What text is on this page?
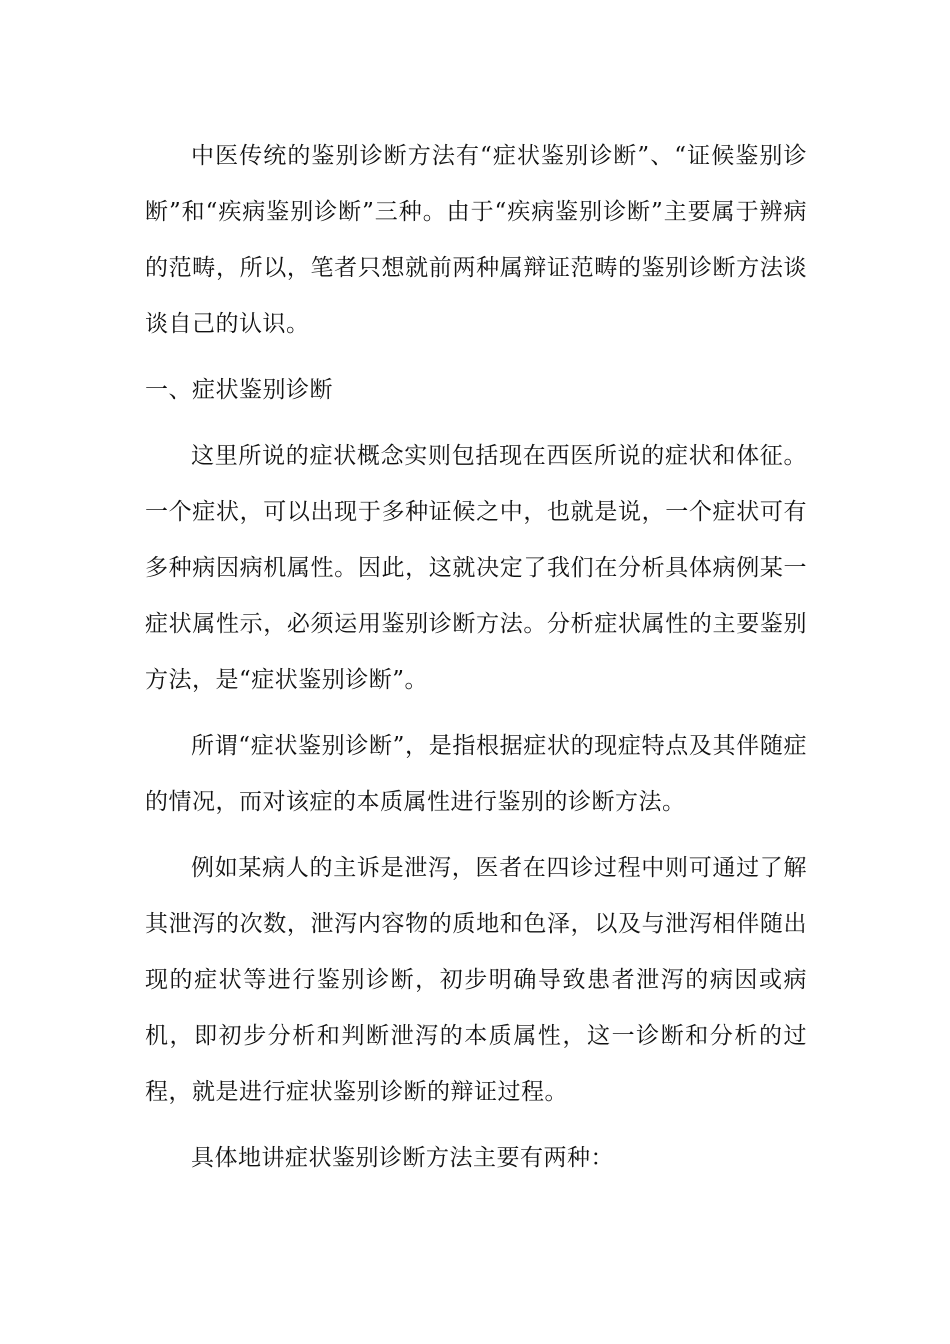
中医传统的鉴别诊断方法有“症状鉴别诊断”、“证候鉴别诊断”和“疾病鉴别诊断”三种。由于“疾病鉴别诊断”主要属于辨病的范畴，所以，笔者只想就前两种属辩证范畴的鉴别诊断方法谈谈自己的认识。

一、症状鉴别诊断

这里所说的症状概念实则包括现在西医所说的症状和体征。一个症状，可以出现于多种证候之中，也就是说，一个症状可有多种病因病机属性。因此，这就决定了我们在分析具体病例某一症状属性示，必须运用鉴别诊断方法。分析症状属性的主要鉴别方法，是“症状鉴别诊断”。

所谓“症状鉴别诊断”，是指根据症状的现症特点及其伴随症的情况，而对该症的本质属性进行鉴别的诊断方法。

例如某病人的主诉是泄泻，医者在四诊过程中则可通过了解其泄泻的次数，泄泻内容物的质地和色泽，以及与泄泻相伴随出现的症状等进行鉴别诊断，初步明确导致患者泄泻的病因或病机，即初步分析和判断泄泻的本质属性，这一诊断和分析的过程，就是进行症状鉴别诊断的辩证过程。

具体地讲症状鉴别诊断方法主要有两种：
